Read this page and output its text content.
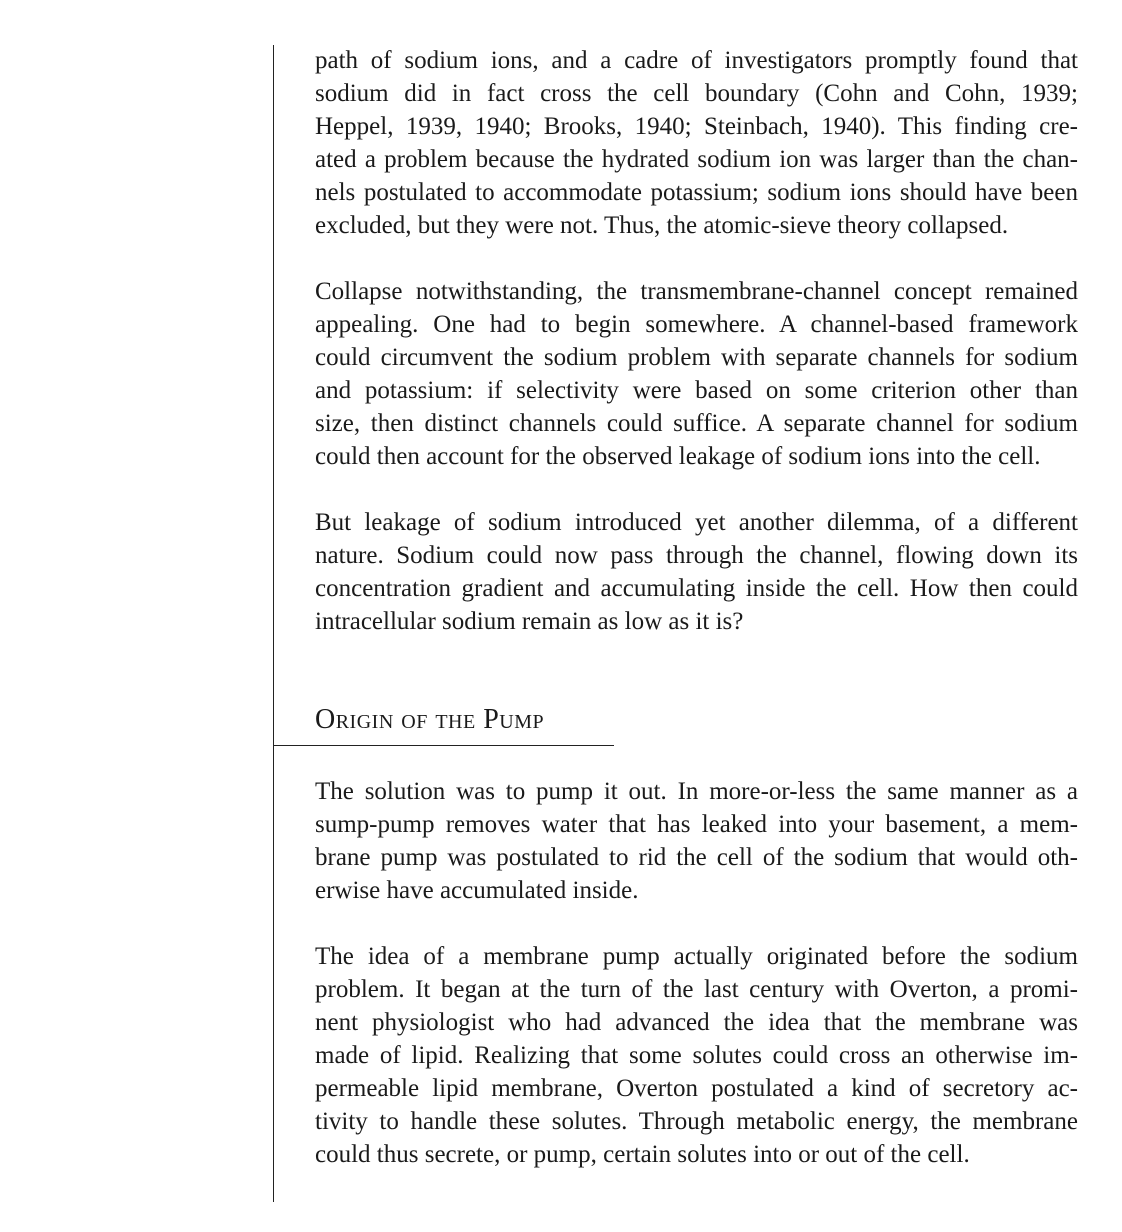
path of sodium ions, and a cadre of investigators promptly found that
sodium did in fact cross the cell boundary (Cohn and Cohn, 1939;
Heppel, 1939, 1940; Brooks, 1940; Steinbach, 1940). This finding cre-
ated a problem because the hydrated sodium ion was larger than the chan-
nels postulated to accommodate potassium; sodium ions should have been
excluded, but they were not. Thus, the atomic-sieve theory collapsed.

Collapse notwithstanding, the transmembrane-channel concept remained
appealing. One had to begin somewhere. A channel-based framework
could circumvent the sodium problem with separate channels for sodium
and potassium: if selectivity were based on some criterion other than
size, then distinct channels could suffice. A separate channel for sodium
could then account for the observed leakage of sodium ions into the cell.

But leakage of sodium introduced yet another dilemma, of a different
nature. Sodium could now pass through the channel, flowing down its
concentration gradient and accumulating inside the cell. How then could
intracellular sodium remain as low as it is?

Origin of the Pump

The solution was to pump it out. In more-or-less the same manner as a
sump-pump removes water that has leaked into your basement, a mem-
brane pump was postulated to rid the cell of the sodium that would oth-
erwise have accumulated inside.

The idea of a membrane pump actually originated before the sodium
problem. It began at the turn of the last century with Overton, a promi-
nent physiologist who had advanced the idea that the membrane was
made of lipid. Realizing that some solutes could cross an otherwise im-
permeable lipid membrane, Overton postulated a kind of secretory ac-
tivity to handle these solutes. Through metabolic energy, the membrane
could thus secrete, or pump, certain solutes into or out of the cell.
